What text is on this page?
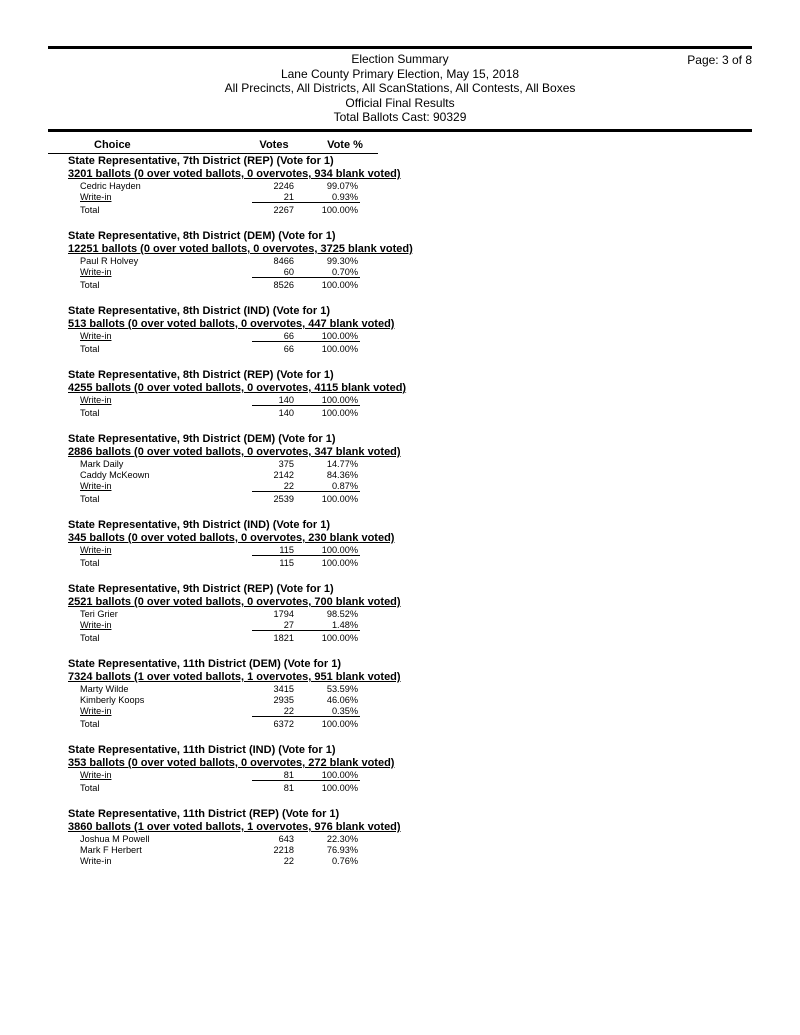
Page: 3 of 8
Election Summary
Lane County Primary Election, May 15, 2018
All Precincts, All Districts, All ScanStations, All Contests, All Boxes
Official Final Results
Total Ballots Cast: 90329
Choice	Votes	Vote %
State Representative, 7th District (REP) (Vote for 1)
3201 ballots (0 over voted ballots, 0 overvotes, 934 blank voted)
Cedric Hayden	2246	99.07%
Write-in	21	0.93%
Total	2267	100.00%
State Representative, 8th District (DEM) (Vote for 1)
12251 ballots (0 over voted ballots, 0 overvotes, 3725 blank voted)
Paul R Holvey	8466	99.30%
Write-in	60	0.70%
Total	8526	100.00%
State Representative, 8th District (IND) (Vote for 1)
513 ballots (0 over voted ballots, 0 overvotes, 447 blank voted)
Write-in	66	100.00%
Total	66	100.00%
State Representative, 8th District (REP) (Vote for 1)
4255 ballots (0 over voted ballots, 0 overvotes, 4115 blank voted)
Write-in	140	100.00%
Total	140	100.00%
State Representative, 9th District (DEM) (Vote for 1)
2886 ballots (0 over voted ballots, 0 overvotes, 347 blank voted)
Mark Daily	375	14.77%
Caddy McKeown	2142	84.36%
Write-in	22	0.87%
Total	2539	100.00%
State Representative, 9th District (IND) (Vote for 1)
345 ballots (0 over voted ballots, 0 overvotes, 230 blank voted)
Write-in	115	100.00%
Total	115	100.00%
State Representative, 9th District (REP) (Vote for 1)
2521 ballots (0 over voted ballots, 0 overvotes, 700 blank voted)
Teri Grier	1794	98.52%
Write-in	27	1.48%
Total	1821	100.00%
State Representative, 11th District (DEM) (Vote for 1)
7324 ballots (1 over voted ballots, 1 overvotes, 951 blank voted)
Marty Wilde	3415	53.59%
Kimberly Koops	2935	46.06%
Write-in	22	0.35%
Total	6372	100.00%
State Representative, 11th District (IND) (Vote for 1)
353 ballots (0 over voted ballots, 0 overvotes, 272 blank voted)
Write-in	81	100.00%
Total	81	100.00%
State Representative, 11th District (REP) (Vote for 1)
3860 ballots (1 over voted ballots, 1 overvotes, 976 blank voted)
Joshua M Powell	643	22.30%
Mark F Herbert	2218	76.93%
Write-in	22	0.76%
